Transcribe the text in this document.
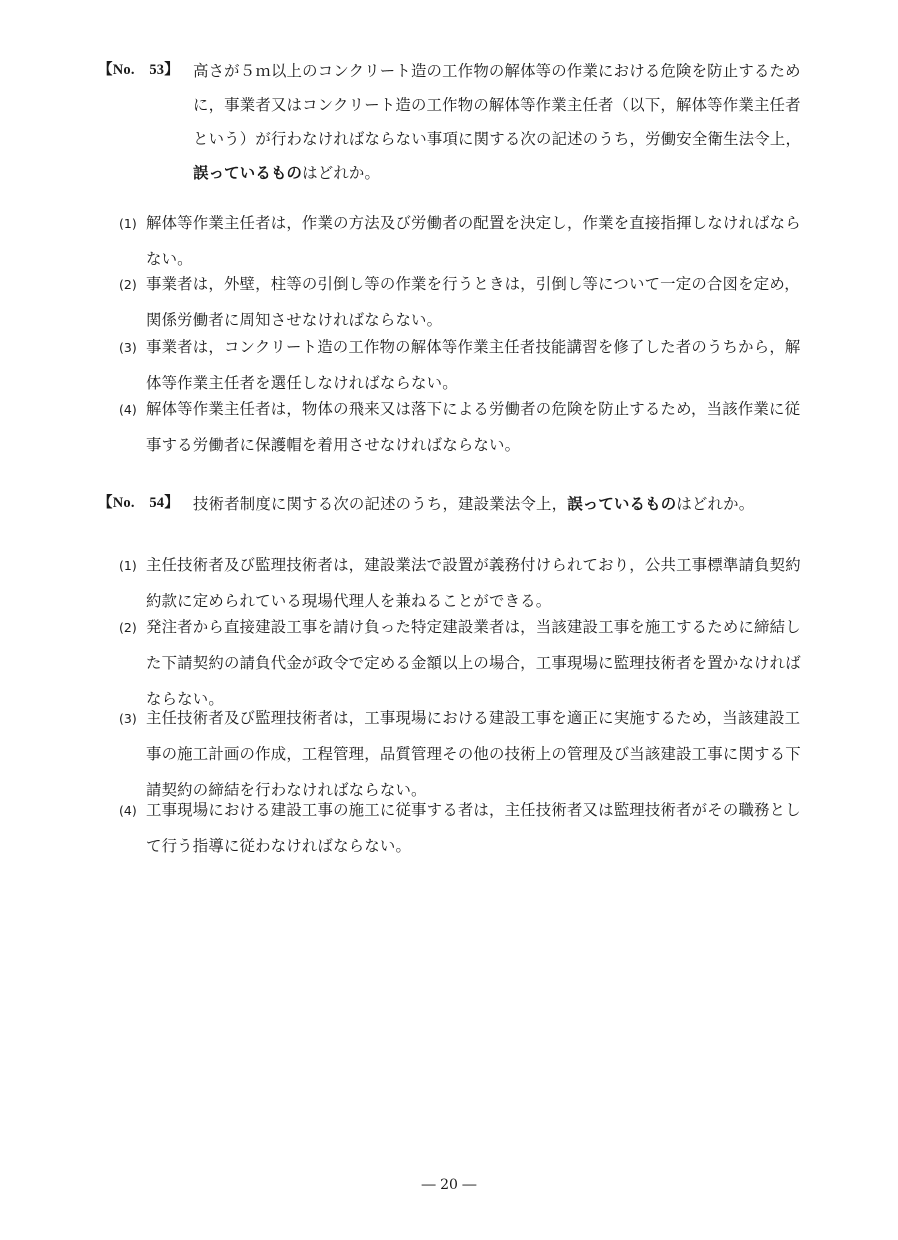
【No.　53】 高さが５ｍ以上のコンクリート造の工作物の解体等の作業における危険を防止するために，事業者又はコンクリート造の工作物の解体等作業主任者（以下，解体等作業主任者という）が行わなければならない事項に関する次の記述のうち，労働安全衛生法令上，誤っているものはどれか。
(1) 解体等作業主任者は，作業の方法及び労働者の配置を決定し，作業を直接指揮しなければならない。
(2) 事業者は，外壁，柱等の引倒し等の作業を行うときは，引倒し等について一定の合図を定め，関係労働者に周知させなければならない。
(3) 事業者は，コンクリート造の工作物の解体等作業主任者技能講習を修了した者のうちから，解体等作業主任者を選任しなければならない。
(4) 解体等作業主任者は，物体の飛来又は落下による労働者の危険を防止するため，当該作業に従事する労働者に保護帽を着用させなければならない。
【No.　54】 技術者制度に関する次の記述のうち，建設業法令上，誤っているものはどれか。
(1) 主任技術者及び監理技術者は，建設業法で設置が義務付けられており，公共工事標準請負契約約款に定められている現場代理人を兼ねることができる。
(2) 発注者から直接建設工事を請け負った特定建設業者は，当該建設工事を施工するために締結した下請契約の請負代金が政令で定める金額以上の場合，工事現場に監理技術者を置かなければならない。
(3) 主任技術者及び監理技術者は，工事現場における建設工事を適正に実施するため，当該建設工事の施工計画の作成，工程管理，品質管理その他の技術上の管理及び当該建設工事に関する下請契約の締結を行わなければならない。
(4) 工事現場における建設工事の施工に従事する者は，主任技術者又は監理技術者がその職務として行う指導に従わなければならない。
― 20 ―
